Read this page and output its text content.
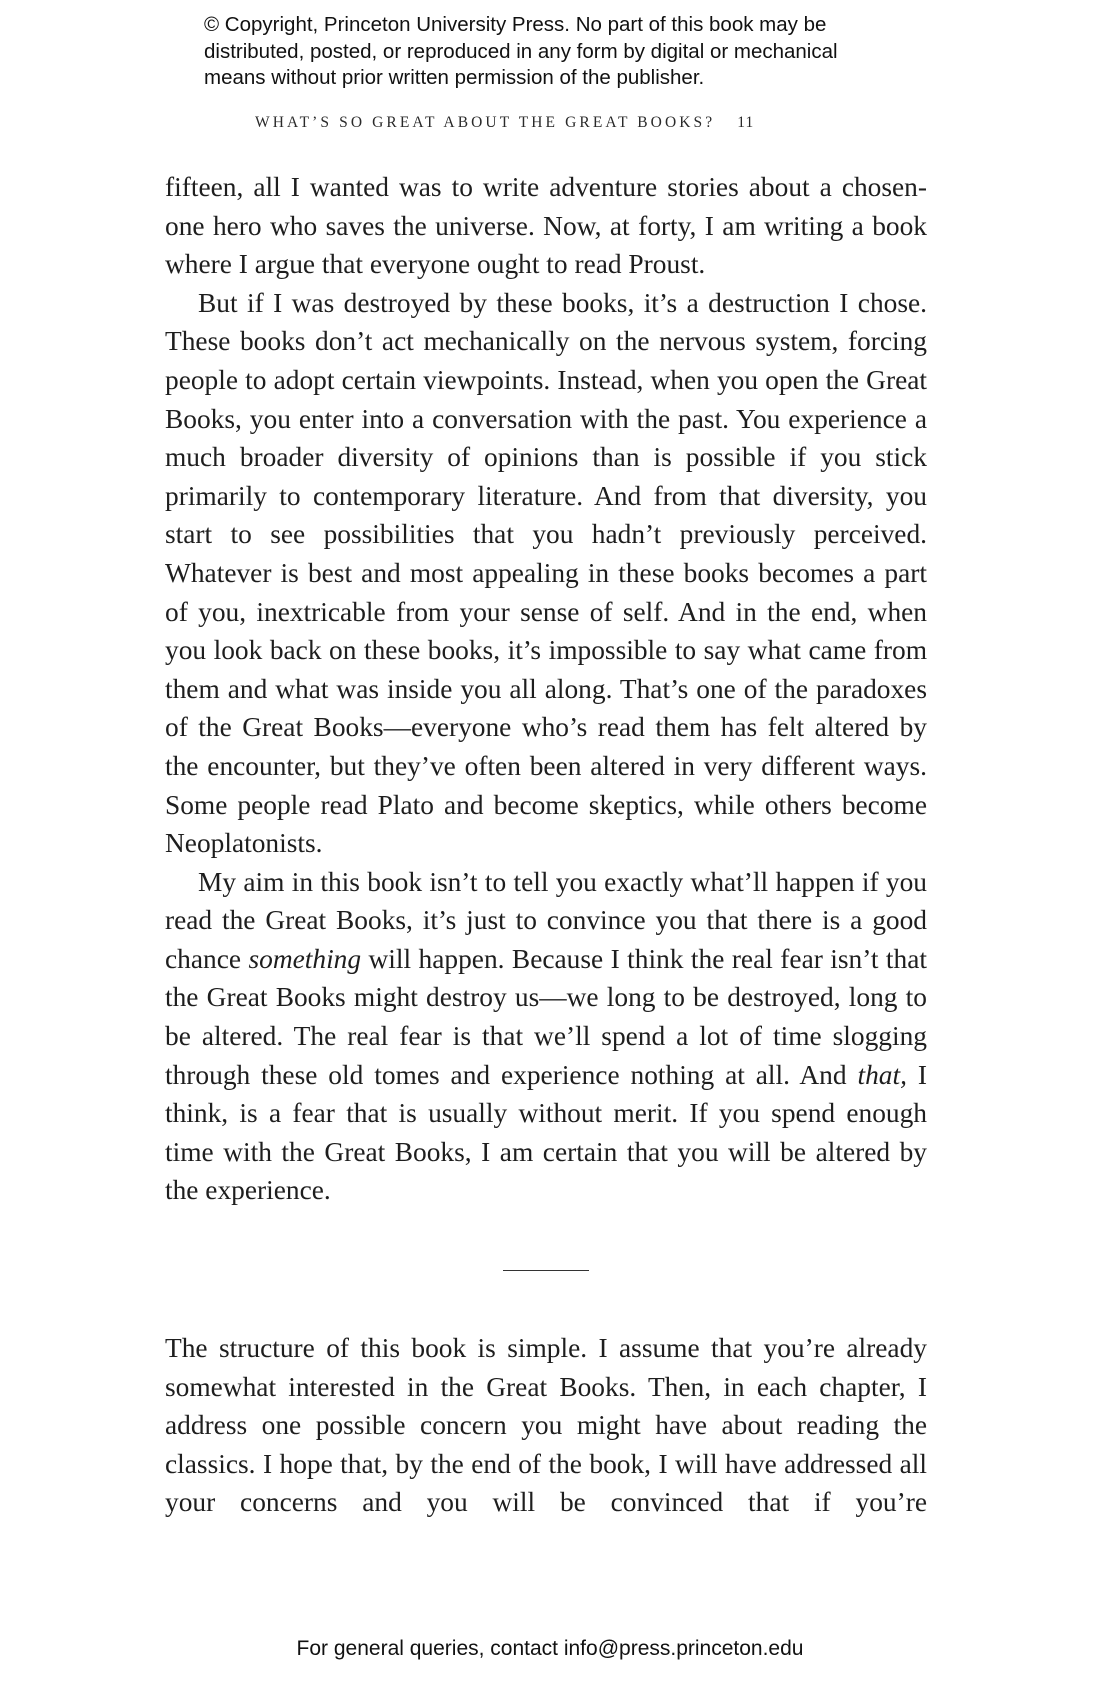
© Copyright, Princeton University Press. No part of this book may be
distributed, posted, or reproduced in any form by digital or mechanical
means without prior written permission of the publisher.
WHAT’S SO GREAT ABOUT THE GREAT BOOKS? 11

fifteen, all I wanted was to write adventure stories about a chosen-one hero who saves the universe. Now, at forty, I am writing a book where I argue that everyone ought to read Proust.

But if I was destroyed by these books, it’s a destruction I chose. These books don’t act mechanically on the nervous system, forcing people to adopt certain viewpoints. Instead, when you open the Great Books, you enter into a conversation with the past. You experience a much broader diversity of opinions than is possible if you stick primarily to contemporary literature. And from that diversity, you start to see possibilities that you hadn’t previously perceived. Whatever is best and most appealing in these books becomes a part of you, inextricable from your sense of self. And in the end, when you look back on these books, it’s impossible to say what came from them and what was inside you all along. That’s one of the paradoxes of the Great Books—everyone who’s read them has felt altered by the encounter, but they’ve often been altered in very different ways. Some people read Plato and become skeptics, while others become Neoplatonists.

My aim in this book isn’t to tell you exactly what’ll happen if you read the Great Books, it’s just to convince you that there is a good chance something will happen. Because I think the real fear isn’t that the Great Books might destroy us—we long to be destroyed, long to be altered. The real fear is that we’ll spend a lot of time slogging through these old tomes and experience nothing at all. And that, I think, is a fear that is usually without merit. If you spend enough time with the Great Books, I am certain that you will be altered by the experience.

The structure of this book is simple. I assume that you’re already somewhat interested in the Great Books. Then, in each chapter, I address one possible concern you might have about reading the classics. I hope that, by the end of the book, I will have addressed all your concerns and you will be convinced that if you’re

For general queries, contact info@press.princeton.edu
